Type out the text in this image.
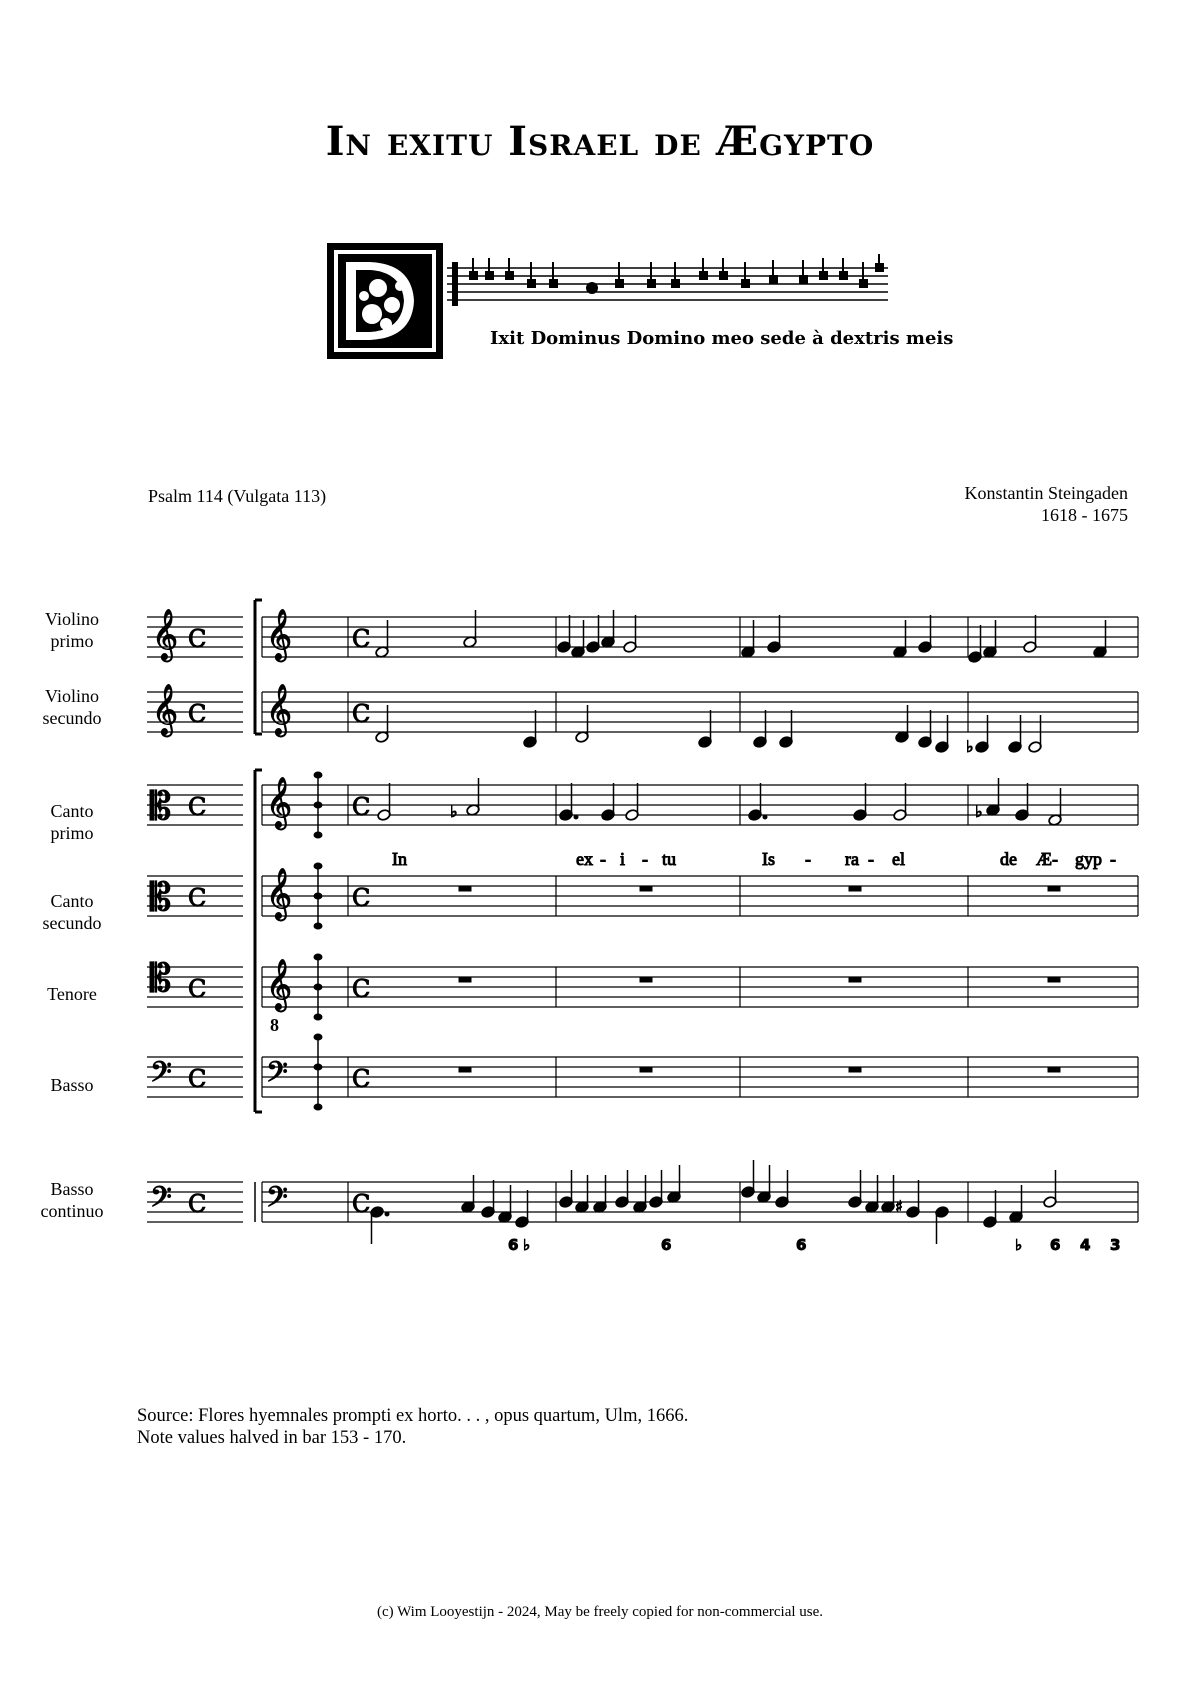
In exitu Israel de Ægypto
Ixit Dominus Domino meo sede à dextris meis
Psalm 114 (Vulgata 113)	Konstantin Steingaden
1618 - 1675
Violino
primo
Violino
secundo
Canto
primo
Canto
secundo
Tenore
Basso
Basso
continuo
C
C
C
C
C
C
C
C
C
C
C
C
C
C
𝄞 𝄞
𝄞 𝄞
𝄡 𝄞
𝄡 𝄞
𝄡 𝄞
𝄢	𝄢
𝄢	𝄢
♭
♭	♭
In	ex - i - tu	Is - ra - el	de Æ - gyp -
♯
6 ♭	6	6	♭ 6 4 3
8
Source: Flores hyemnales prompti ex horto. . . , opus quartum, Ulm, 1666.
Note values halved in bar 153 - 170.
(c) Wim Looyestijn - 2024, May be freely copied for non-commercial use.
